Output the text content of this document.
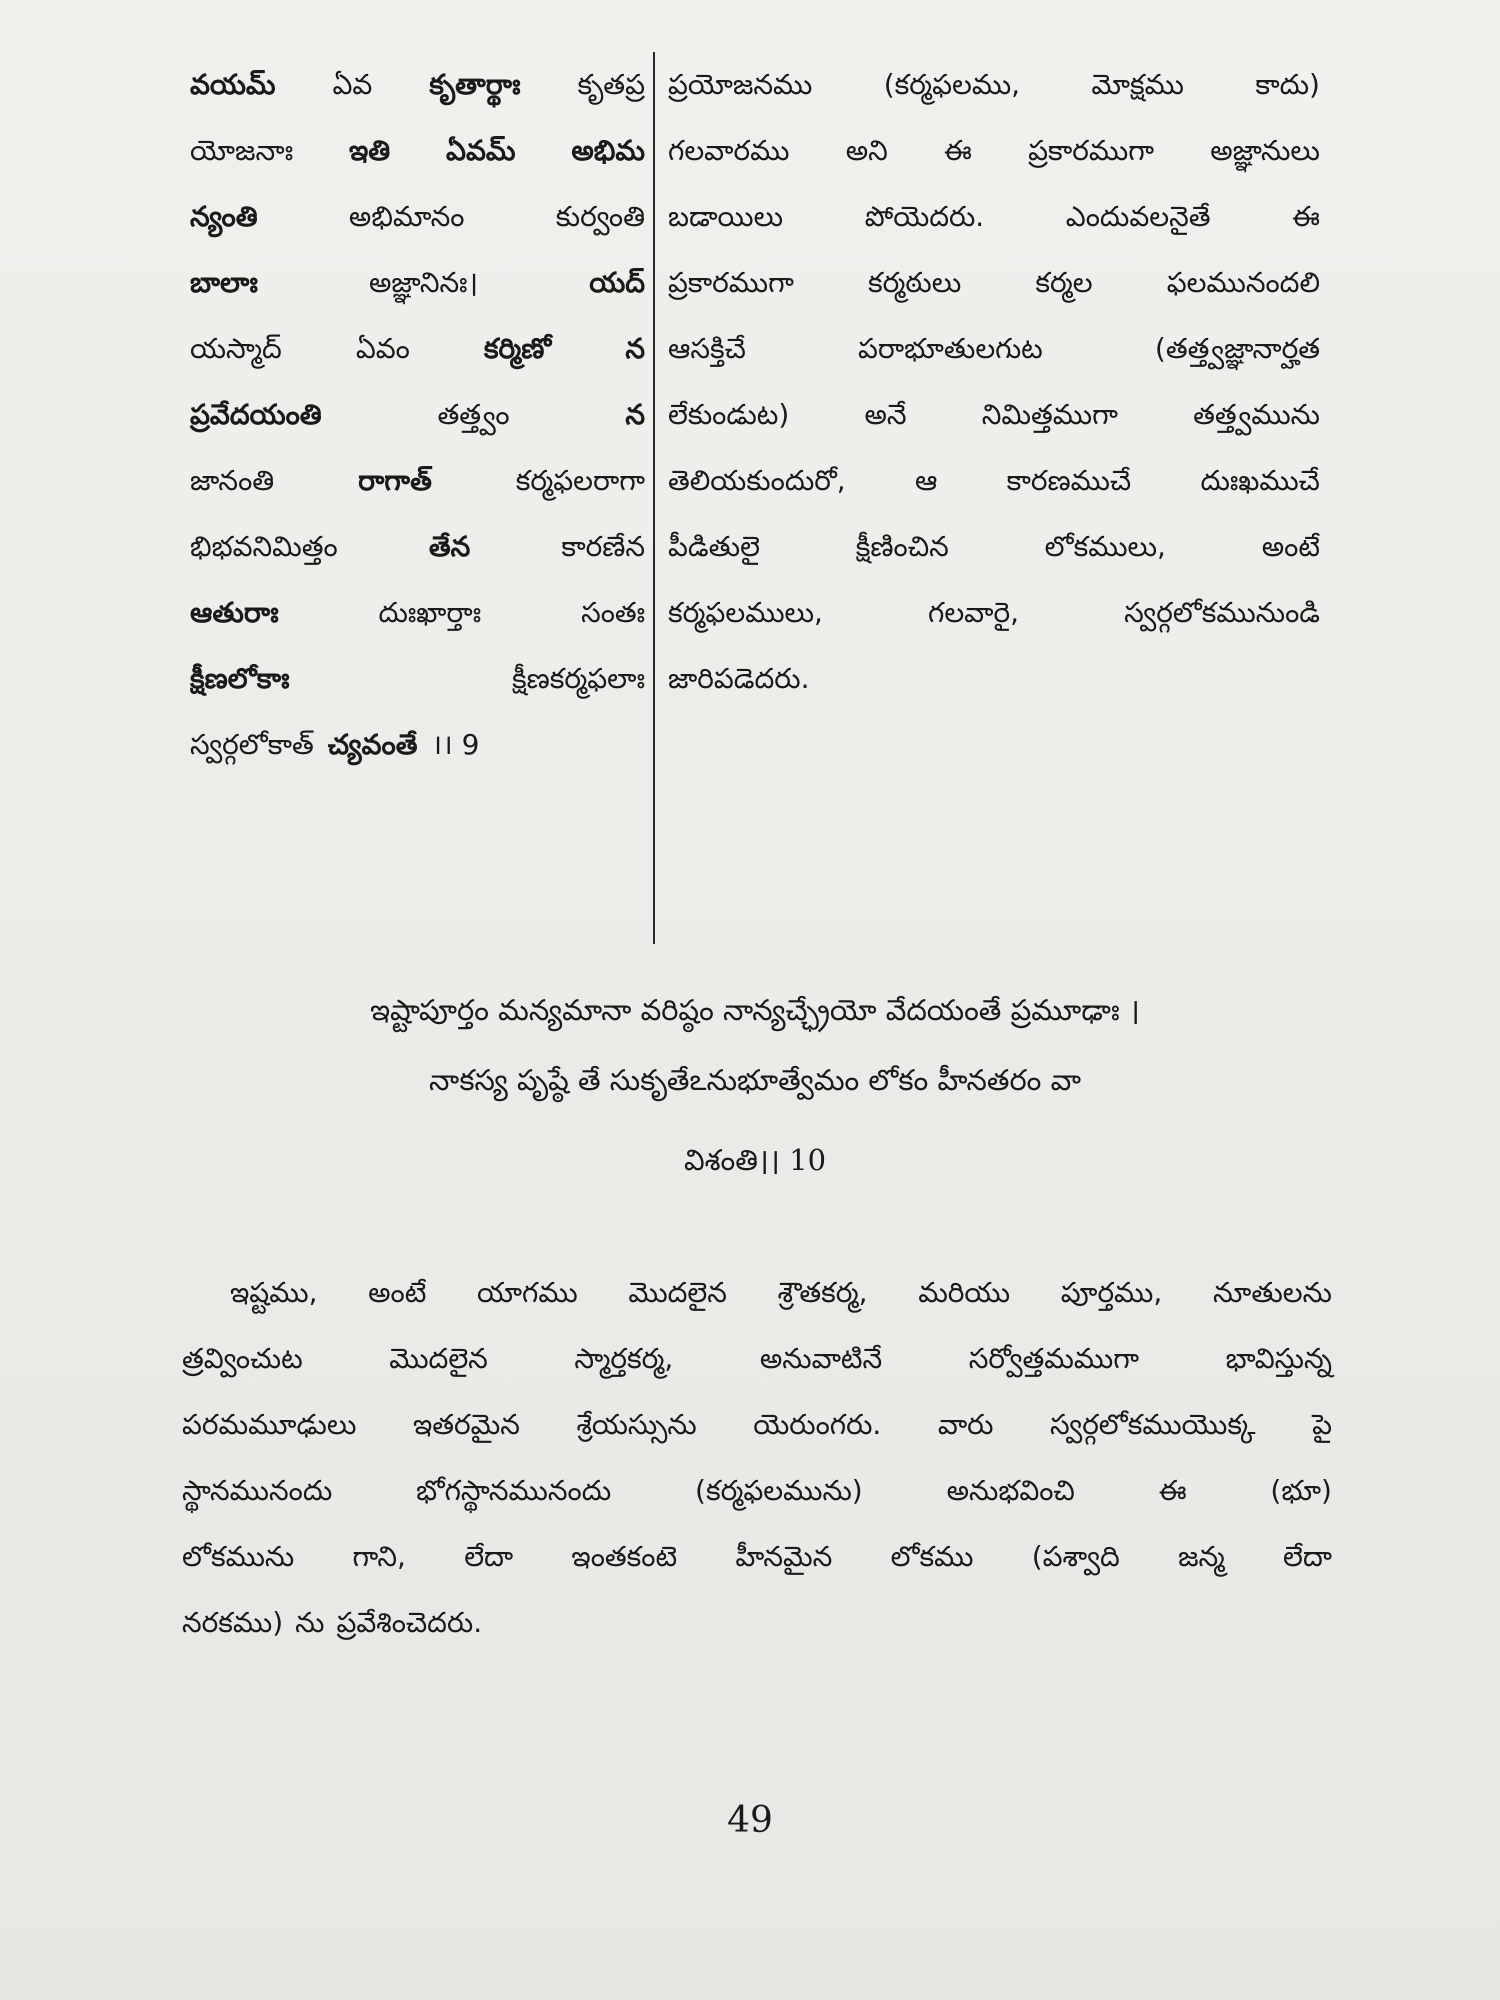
వయమ్ ఏవ కృతార్థాః కృతప్ర
యోజనాః ఇతి ఏవమ్ అభిమ
న్యంతి	అభిమానం	కుర్వంతి
బాలాః	అజ్ఞానినః।	యద్
యస్మాద్	ఏవం	కర్మిణో	న
ప్రవేదయంతి	తత్త్వం	న
జానంతి	రాగాత్	కర్మఫలరాగా
భిభవనిమిత్తం	తేన	కారణేన
ఆతురాః	దుఃఖార్తాః	సంతః
క్షీణలోకాః	క్షీణకర్మఫలాః
స్వర్గలోకాత్ చ్యవంతే ।। 9
ప్రయోజనము	(కర్మఫలము,	మోక్షము	కాదు)
గలవారము అని ఈ ప్రకారముగా అజ్ఞానులు
బడాయిలు	పోయెదరు.	ఎందువలనైతే	ఈ
ప్రకారముగా	కర్మఠులు	కర్మల	ఫలమునందలి
ఆసక్తిచే	పరాభూతులగుట	(తత్త్వజ్ఞానార్హత
లేకుండుట)	అనే	నిమిత్తముగా	తత్త్వమును
తెలియకుందురో, ఆ కారణముచే దుఃఖముచే
పీడితులై	క్షీణించిన	లోకములు,	అంటే
కర్మఫలములు,	గలవారై,	స్వర్గలోకమునుండి
జారిపడెదరు.
ఇష్టాపూర్తం మన్యమానా వరిష్ఠం నాన్యచ్ఛ్రేయో వేదయంతే ప్రమూఢాః ।
నాకస్య పృష్ఠే తే సుకృతేఽనుభూత్వేమం లోకం హీనతరం వా
విశంతి।। 10
ఇష్టము, అంటే యాగము మొదలైన శ్రౌతకర్మ, మరియు పూర్తము, నూతులను
త్రవ్వించుట	మొదలైన	స్మార్తకర్మ,	అనువాటినే	సర్వోత్తమముగా	భావిస్తున్న
పరమమూఢులు ఇతరమైన శ్రేయస్సును యెరుంగరు. వారు స్వర్గలోకముయొక్క పై
స్థానమునందు	భోగస్థానమునందు	(కర్మఫలమును)	అనుభవించి	ఈ	(భూ)
లోకమును గాని, లేదా ఇంతకంటె హీనమైన లోకము (పశ్వాది జన్మ లేదా
నరకము) ను ప్రవేశించెదరు.
49
